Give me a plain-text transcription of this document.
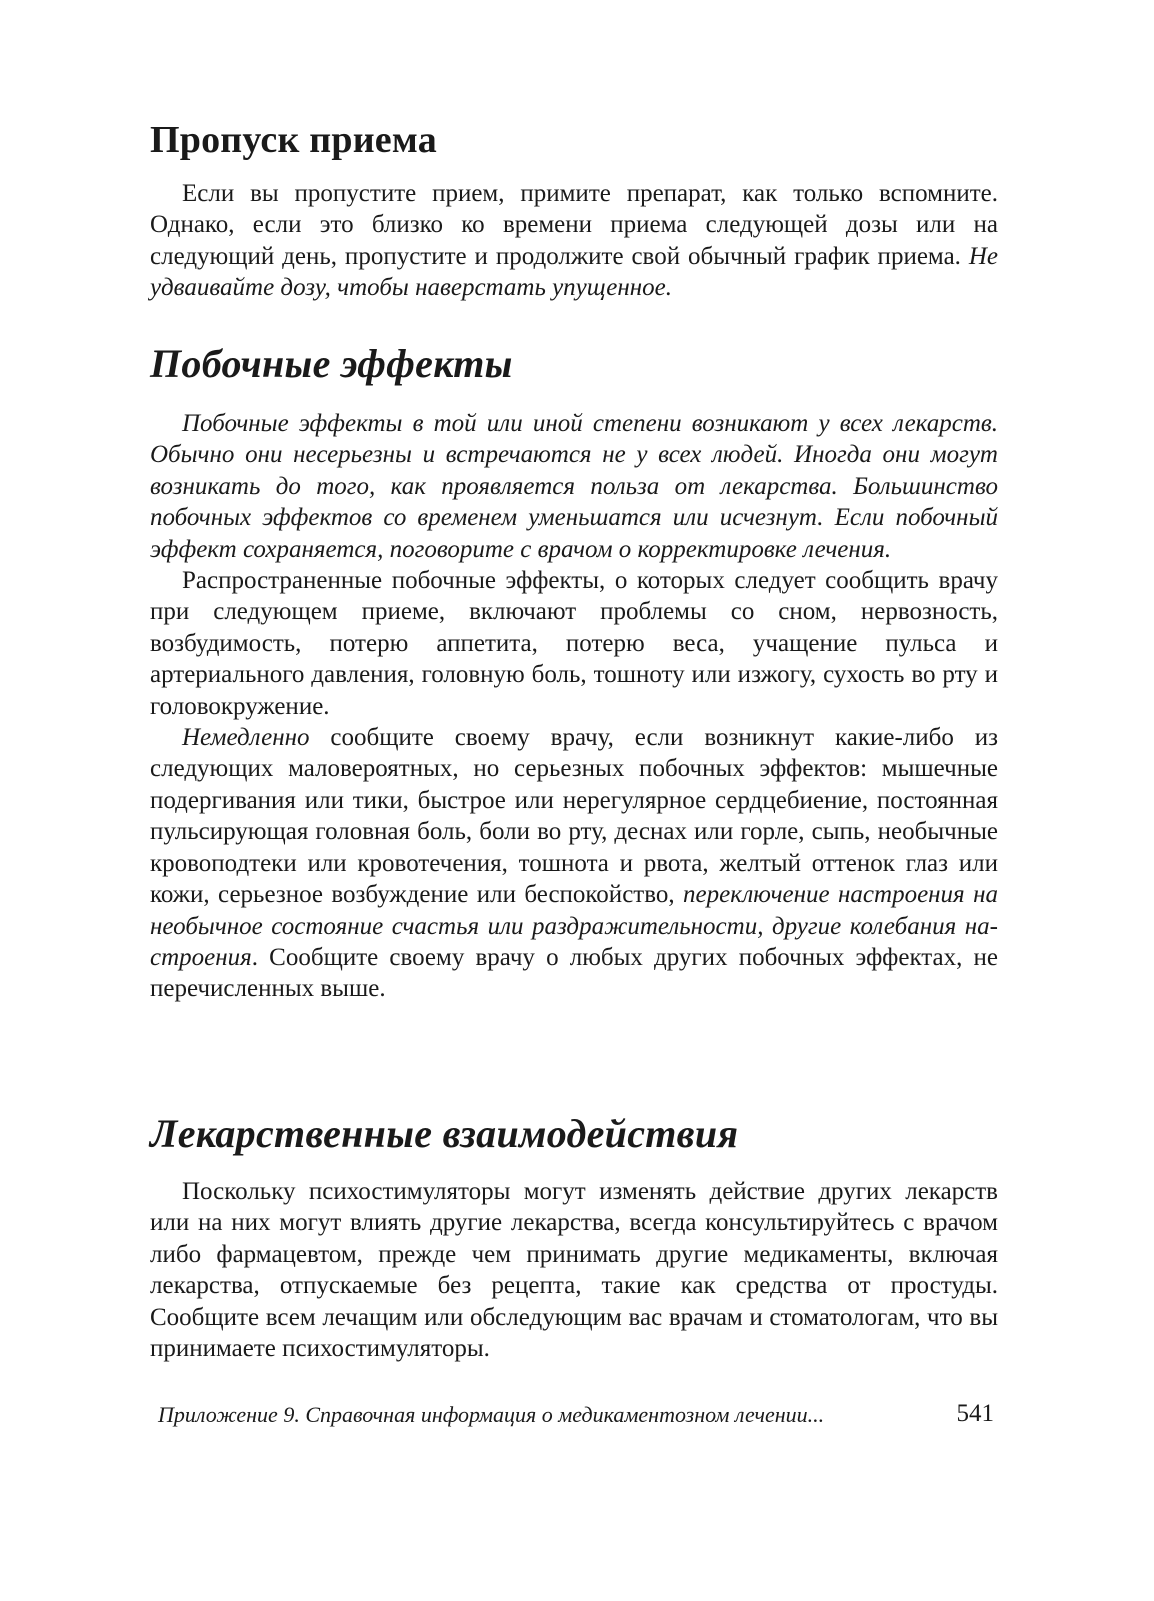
Пропуск приема

Если вы пропустите прием, примите препарат, как только вспомните. Однако, если это близко ко времени приема следующей дозы или на следующий день, пропустите и продолжите свой обычный график приема. Не удваивайте дозу, чтобы наверстать упущенное.

Побочные эффекты

Побочные эффекты в той или иной степени возникают у всех лекарств. Обычно они несерьезны и встречаются не у всех людей. Иногда они могут возникать до того, как проявляется польза от лекарства. Большинство побочных эффектов со временем уменьшатся или исчезнут. Если побочный эффект сохраняется, поговорите с врачом о корректировке лечения.

Распространенные побочные эффекты, о которых следует сообщить врачу при следующем приеме, включают проблемы со сном, нервозность, возбудимость, потерю аппетита, потерю веса, учащение пульса и артериального давления, головную боль, тошноту или изжогу, сухость во рту и головокружение.

Немедленно сообщите своему врачу, если возникнут какие-либо из следующих маловероятных, но серьезных побочных эффектов: мышечные подергивания или тики, быстрое или нерегулярное сердцебиение, постоянная пульсирующая головная боль, боли во рту, деснах или горле, сыпь, необычные кровоподтеки или кровотечения, тошнота и рвота, желтый оттенок глаз или кожи, серьезное возбуждение или беспокойство, переключение настроения на необычное состояние счастья или раздражительности, другие колебания настроения. Сообщите своему врачу о любых других побочных эффектах, не перечисленных выше.

Лекарственные взаимодействия

Поскольку психостимуляторы могут изменять действие других лекарств или на них могут влиять другие лекарства, всегда консультируйтесь с врачом либо фармацевтом, прежде чем принимать другие медикаменты, включая лекарства, отпускаемые без рецепта, такие как средства от простуды. Сообщите всем лечащим или обследующим вас врачам и стоматологам, что вы принимаете психостимуляторы.

Приложение 9. Справочная информация о медикаментозном лечении...	541
